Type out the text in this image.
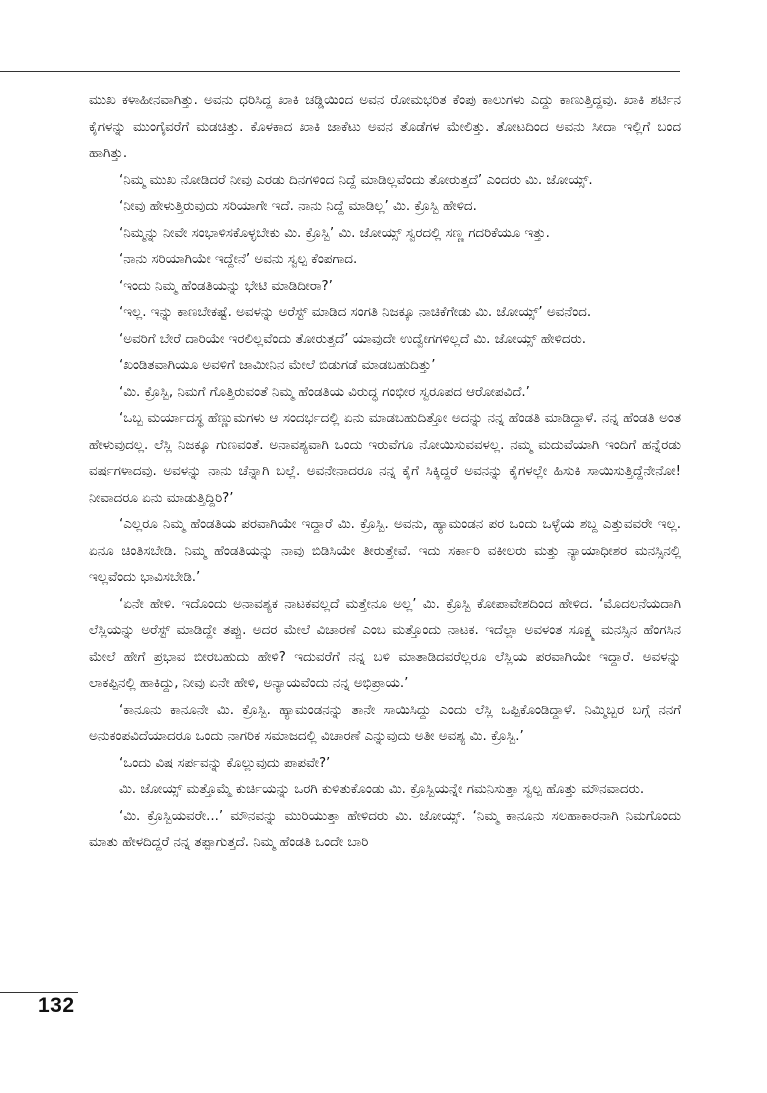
ಮುಖ ಕಳಾಹೀನವಾಗಿತ್ತು. ಅವನು ಧರಿಸಿದ್ದ ಖಾಕಿ ಚಡ್ಡಿಯಿಂದ ಅವನ ರೋಮಭರಿತ ಕೆಂಪು ಕಾಲುಗಳು ಎದ್ದು ಕಾಣುತ್ತಿದ್ದವು. ಖಾಕಿ ಶರ್ಟಿನ ಕೈಗಳನ್ನು ಮುಂಗೈವರೆಗೆ ಮಡಚಿತ್ತು. ಕೊಳಕಾದ ಖಾಕಿ ಜಾಕೆಟು ಅವನ ತೊಡೆಗಳ ಮೇಲಿತ್ತು. ತೋಟದಿಂದ ಅವನು ಸೀದಾ ಇಲ್ಲಿಗೆ ಬಂದ ಹಾಗಿತ್ತು.

‘ನಿಮ್ಮ ಮುಖ ನೋಡಿದರೆ ನೀವು ಎರಡು ದಿನಗಳಿಂದ ನಿದ್ದೆ ಮಾಡಿಲ್ಲವೆಂದು ತೋರುತ್ತದೆ’ ಎಂದರು ಮಿ. ಜೋಯ್ಸ್.

‘ನೀವು ಹೇಳುತ್ತಿರುವುದು ಸರಿಯಾಗೇ ಇದೆ. ನಾನು ನಿದ್ದೆ ಮಾಡಿಲ್ಲ’ ಮಿ. ಕ್ರೊಸ್ಬಿ ಹೇಳಿದ.

‘ನಿಮ್ಮನ್ನು ನೀವೇ ಸಂಭಾಳಿಸಕೊಳ್ಳಬೇಕು ಮಿ. ಕ್ರೊಸ್ಬಿ’ ಮಿ. ಜೋಯ್ಸ್ ಸ್ವರದಲ್ಲಿ ಸಣ್ಣ ಗದರಿಕೆಯೂ ಇತ್ತು.

‘ನಾನು ಸರಿಯಾಗಿಯೇ ಇದ್ದೇನೆ’ ಅವನು ಸ್ವಲ್ಪ ಕೆಂಪಗಾದ.

‘ಇಂದು ನಿಮ್ಮ ಹೆಂಡತಿಯನ್ನು ಭೇಟಿ ಮಾಡಿದೀರಾ?’

‘ಇಲ್ಲ. ಇನ್ನು ಕಾಣಬೇಕಷ್ಟೆ. ಅವಳನ್ನು ಅರೆಸ್ಟ್ ಮಾಡಿದ ಸಂಗತಿ ನಿಜಕ್ಕೂ ನಾಚಿಕೆಗೇಡು ಮಿ. ಜೋಯ್ಸ್’ ಅವನೆಂದ.

‘ಅವರಿಗೆ ಬೇರೆ ದಾರಿಯೇ ಇರಲಿಲ್ಲವೆಂದು ತೋರುತ್ತದೆ’ ಯಾವುದೇ ಉದ್ವೇಗಗಳಿಲ್ಲದೆ ಮಿ. ಜೋಯ್ಸ್ ಹೇಳಿದರು.

‘ಖಂಡಿತವಾಗಿಯೂ ಅವಳಿಗೆ ಜಾಮೀನಿನ ಮೇಲೆ ಬಿಡುಗಡೆ ಮಾಡಬಹುದಿತ್ತು’

‘ಮಿ. ಕ್ರೊಸ್ಬಿ, ನಿಮಗೆ ಗೊತ್ತಿರುವಂತೆ ನಿಮ್ಮ ಹೆಂಡತಿಯ ವಿರುದ್ಧ ಗಂಭೀರ ಸ್ವರೂಪದ ಆರೋಪವಿದೆ.’

‘ಒಬ್ಬ ಮರ್ಯಾದಸ್ಥ ಹೆಣ್ಣುಮಗಳು ಆ ಸಂದರ್ಭದಲ್ಲಿ ಏನು ಮಾಡಬಹುದಿತ್ತೋ ಅದನ್ನು ನನ್ನ ಹೆಂಡತಿ ಮಾಡಿದ್ದಾಳೆ. ನನ್ನ ಹೆಂಡತಿ ಅಂತ ಹೇಳುವುದಲ್ಲ. ಲೆಸ್ಲಿ ನಿಜಕ್ಕೂ ಗುಣವಂತೆ. ಅನಾವಶ್ಯವಾಗಿ ಒಂದು ಇರುವೆಗೂ ನೋಯಿಸುವವಳಲ್ಲ. ನಮ್ಮ ಮದುವೆಯಾಗಿ ಇಂದಿಗೆ ಹನ್ನೆರಡು ವರ್ಷಗಳಾದವು. ಅವಳನ್ನು ನಾನು ಚೆನ್ನಾಗಿ ಬಲ್ಲೆ. ಅವನೇನಾದರೂ ನನ್ನ ಕೈಗೆ ಸಿಕ್ಕಿದ್ದರೆ ಅವನನ್ನು ಕೈಗಳಲ್ಲೇ ಹಿಸುಕಿ ಸಾಯಿಸುತ್ತಿದ್ದೆನೇನೋ! ನೀವಾದರೂ ಏನು ಮಾಡುತ್ತಿದ್ದಿರಿ?’

‘ಎಲ್ಲರೂ ನಿಮ್ಮ ಹೆಂಡತಿಯ ಪರವಾಗಿಯೇ ಇದ್ದಾರೆ ಮಿ. ಕ್ರೊಸ್ಬಿ. ಅವನು, ಹ್ಯಾಮಂಡನ ಪರ ಒಂದು ಒಳ್ಳೆಯ ಶಬ್ದ ಎತ್ತುವವರೇ ಇಲ್ಲ. ಏನೂ ಚಿಂತಿಸಬೇಡಿ. ನಿಮ್ಮ ಹೆಂಡತಿಯನ್ನು ನಾವು ಬಿಡಿಸಿಯೇ ತೀರುತ್ತೇವೆ. ಇದು ಸರ್ಕಾರಿ ವಕೀಲರು ಮತ್ತು ನ್ಯಾಯಾಧೀಶರ ಮನಸ್ಸಿನಲ್ಲಿ ಇಲ್ಲವೆಂದು ಭಾವಿಸಬೇಡಿ.’

‘ಏನೇ ಹೇಳಿ. ಇದೊಂದು ಅನಾವಶ್ಯಕ ನಾಟಕವಲ್ಲದೆ ಮತ್ತೇನೂ ಅಲ್ಲ’ ಮಿ. ಕ್ರೊಸ್ಬಿ ಕೋಪಾವೇಶದಿಂದ ಹೇಳಿದ. ‘ಮೊದಲನೆಯದಾಗಿ ಲೆಸ್ಲಿಯನ್ನು ಅರೆಸ್ಟ್ ಮಾಡಿದ್ದೇ ತಪ್ಪು. ಅದರ ಮೇಲೆ ವಿಚಾರಣೆ ಎಂಬ ಮತ್ತೊಂದು ನಾಟಕ. ಇದೆಲ್ಲಾ ಅವಳಂತ ಸೂಕ್ಷ್ಮ ಮನಸ್ಸಿನ ಹೆಂಗಸಿನ ಮೇಲೆ ಹೇಗೆ ಪ್ರಭಾವ ಬೀರಬಹುದು ಹೇಳಿ? ಇದುವರೆಗೆ ನನ್ನ ಬಳಿ ಮಾತಾಡಿದವರೆಲ್ಲರೂ ಲೆಸ್ಲಿಯ ಪರವಾಗಿಯೇ ಇದ್ದಾರೆ. ಅವಳನ್ನು ಲಾಕಪ್ಪಿನಲ್ಲಿ ಹಾಕಿದ್ದು, ನೀವು ಏನೇ ಹೇಳಿ, ಅನ್ಯಾಯವೆಂದು ನನ್ನ ಅಭಿಪ್ರಾಯ.’

‘ಕಾನೂನು ಕಾನೂನೇ ಮಿ. ಕ್ರೊಸ್ಬಿ. ಹ್ಯಾಮಂಡನನ್ನು ತಾನೇ ಸಾಯಿಸಿದ್ದು ಎಂದು ಲೆಸ್ಲಿ ಒಪ್ಪಿಕೊಂಡಿದ್ದಾಳೆ. ನಿಮ್ಮಿಬ್ಬರ ಬಗ್ಗೆ ನನಗೆ ಅನುಕಂಪವಿದೆಯಾದರೂ ಒಂದು ನಾಗರಿಕ ಸಮಾಜದಲ್ಲಿ ವಿಚಾರಣೆ ಎನ್ನುವುದು ಅತೀ ಅವಶ್ಯ ಮಿ. ಕ್ರೊಸ್ಬಿ.’

‘ಒಂದು ವಿಷ ಸರ್ಪವನ್ನು ಕೊಲ್ಲುವುದು ಪಾಪವೇ?’

ಮಿ. ಜೋಯ್ಸ್ ಮತ್ತೊಮ್ಮೆ ಕುರ್ಚಿಯನ್ನು ಒರಗಿ ಕುಳಿತುಕೊಂಡು ಮಿ. ಕ್ರೊಸ್ಬಿಯನ್ನೇ ಗಮನಿಸುತ್ತಾ ಸ್ವಲ್ಪ ಹೊತ್ತು ಮೌನವಾದರು.

‘ಮಿ. ಕ್ರೊಸ್ಬಿಯವರೇ...’ ಮೌನವನ್ನು ಮುರಿಯುತ್ತಾ ಹೇಳಿದರು ಮಿ. ಜೋಯ್ಸ್. ‘ನಿಮ್ಮ ಕಾನೂನು ಸಲಹಾಕಾರನಾಗಿ ನಿಮಗೊಂದು ಮಾತು ಹೇಳದಿದ್ದರೆ ನನ್ನ ತಪ್ಪಾಗುತ್ತದೆ. ನಿಮ್ಮ ಹೆಂಡತಿ ಒಂದೇ ಬಾರಿ

132
